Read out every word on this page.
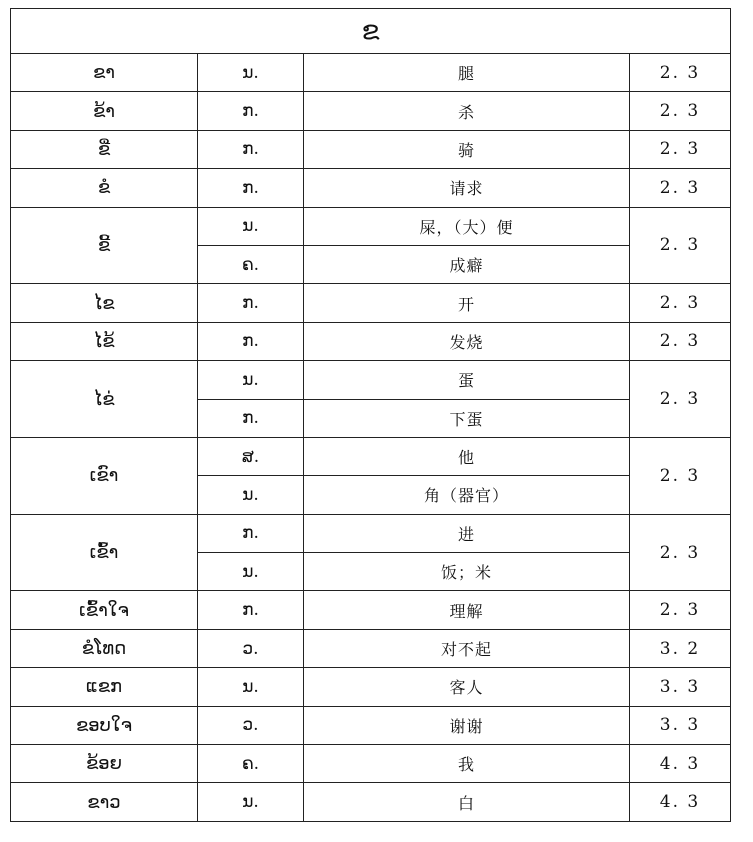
ຂ			
ຂາ	ນ.	腿	2. 3
ຂ້າ	ກ.	杀	2. 3
ຂີ່	ກ.	骑	2. 3
ຂໍ	ກ.	请求	2. 3
ຂີ້	ນ.	屎，（大）便	2. 3
	ຄ.	成癖	
ໄຂ	ກ.	开	2. 3
ໄຂ້	ກ.	发烧	2. 3
ໄຂ່	ນ.	蛋	2. 3
	ກ.	下蛋	
ເຂົາ	ສ.	他	2. 3
	ນ.	角（器官）	
ເຂົ້າ	ກ.	进	2. 3
	ນ.	饭；米	
ເຂົ້າໃຈ	ກ.	理解	2. 3
ຂໍໂທດ	ວ.	对不起	3. 2
ແຂກ	ນ.	客人	3. 3
ຂອບໃຈ	ວ.	谢谢	3. 3
ຂ້ອຍ	ຄ.	我	4. 3
ຂາວ	ນ.	白	4. 3
